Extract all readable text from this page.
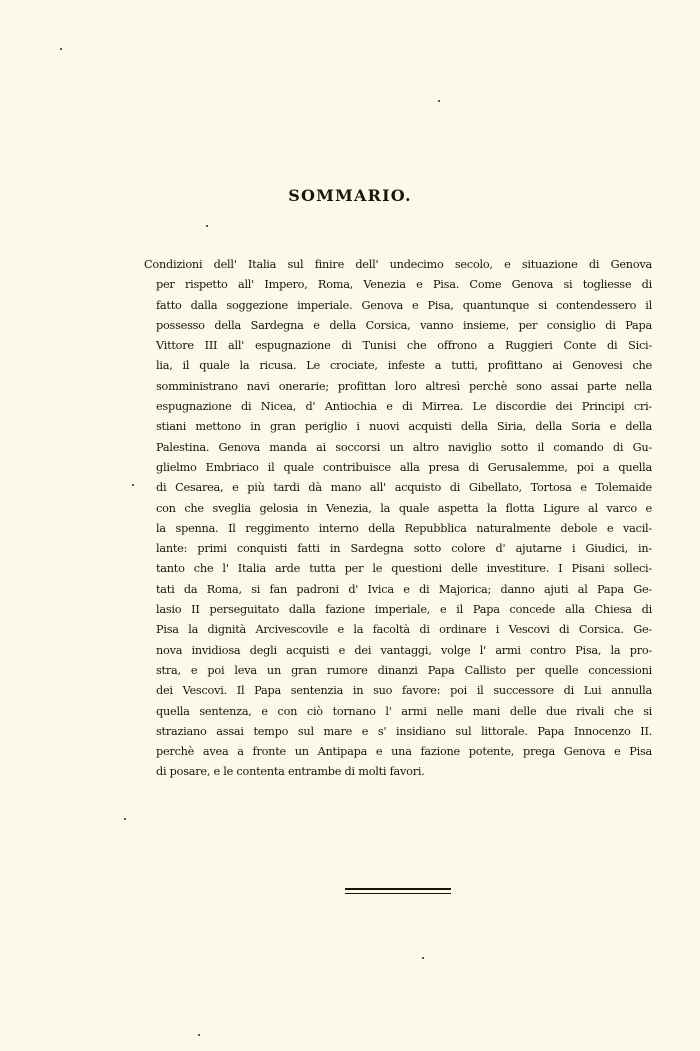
SOMMARIO.
Condizioni dell' Italia sul finire dell' undecimo secolo, e situazione di Genova
per rispetto all' Impero, Roma, Venezia e Pisa. Come Genova si togliesse di
fatto dalla soggezione imperiale. Genova e Pisa, quantunque si contendessero il
possesso della Sardegna e della Corsica, vanno insieme, per consiglio di Papa
Vittore III all' espugnazione di Tunisi che offrono a Ruggieri Conte di Sici-
lia, il quale la ricusa. Le crociate, infeste a tutti, profittano ai Genovesi che
somministrano navi onerarie; profittan loro altresì perchè sono assai parte nella
espugnazione di Nicea, d' Antiochia e di Mirrea. Le discordie dei Principi cri-
stiani mettono in gran periglio i nuovi acquisti della Siria, della Soria e della
Palestina. Genova manda ai soccorsi un altro naviglio sotto il comando di Gu-
glielmo Embriaco il quale contribuisce alla presa di Gerusalemme, poi a quella
di Cesarea, e più tardi dà mano all' acquisto di Gibellato, Tortosa e Tolemaide
con che sveglia gelosia in Venezia, la quale aspetta la flotta Ligure al varco e
la spenna. Il reggimento interno della Repubblica naturalmente debole e vacil-
lante: primi conquisti fatti in Sardegna sotto colore d' ajutarne i Giudici, in-
tanto che l' Italia arde tutta per le questioni delle investiture. I Pisani solleci-
tati da Roma, si fan padroni d' Ivica e di Majorica; danno ajuti al Papa Ge-
lasio II perseguitato dalla fazione imperiale, e il Papa concede alla Chiesa di
Pisa la dignità Arcivescovile e la facoltà di ordinare i Vescovi di Corsica. Ge-
nova invidiosa degli acquisti e dei vantaggi, volge l' armi contro Pisa, la pro-
stra, e poi leva un gran rumore dinanzi Papa Callisto per quelle concessioni
dei Vescovi. Il Papa sentenzia in suo favore: poi il successore di Lui annulla
quella sentenza, e con ciò tornano l' armi nelle mani delle due rivali che si
straziano assai tempo sul mare e s' insidiano sul littorale. Papa Innocenzo II.
perchè avea a fronte un Antipapa e una fazione potente, prega Genova e Pisa
di posare, e le contenta entrambe di molti favori.
